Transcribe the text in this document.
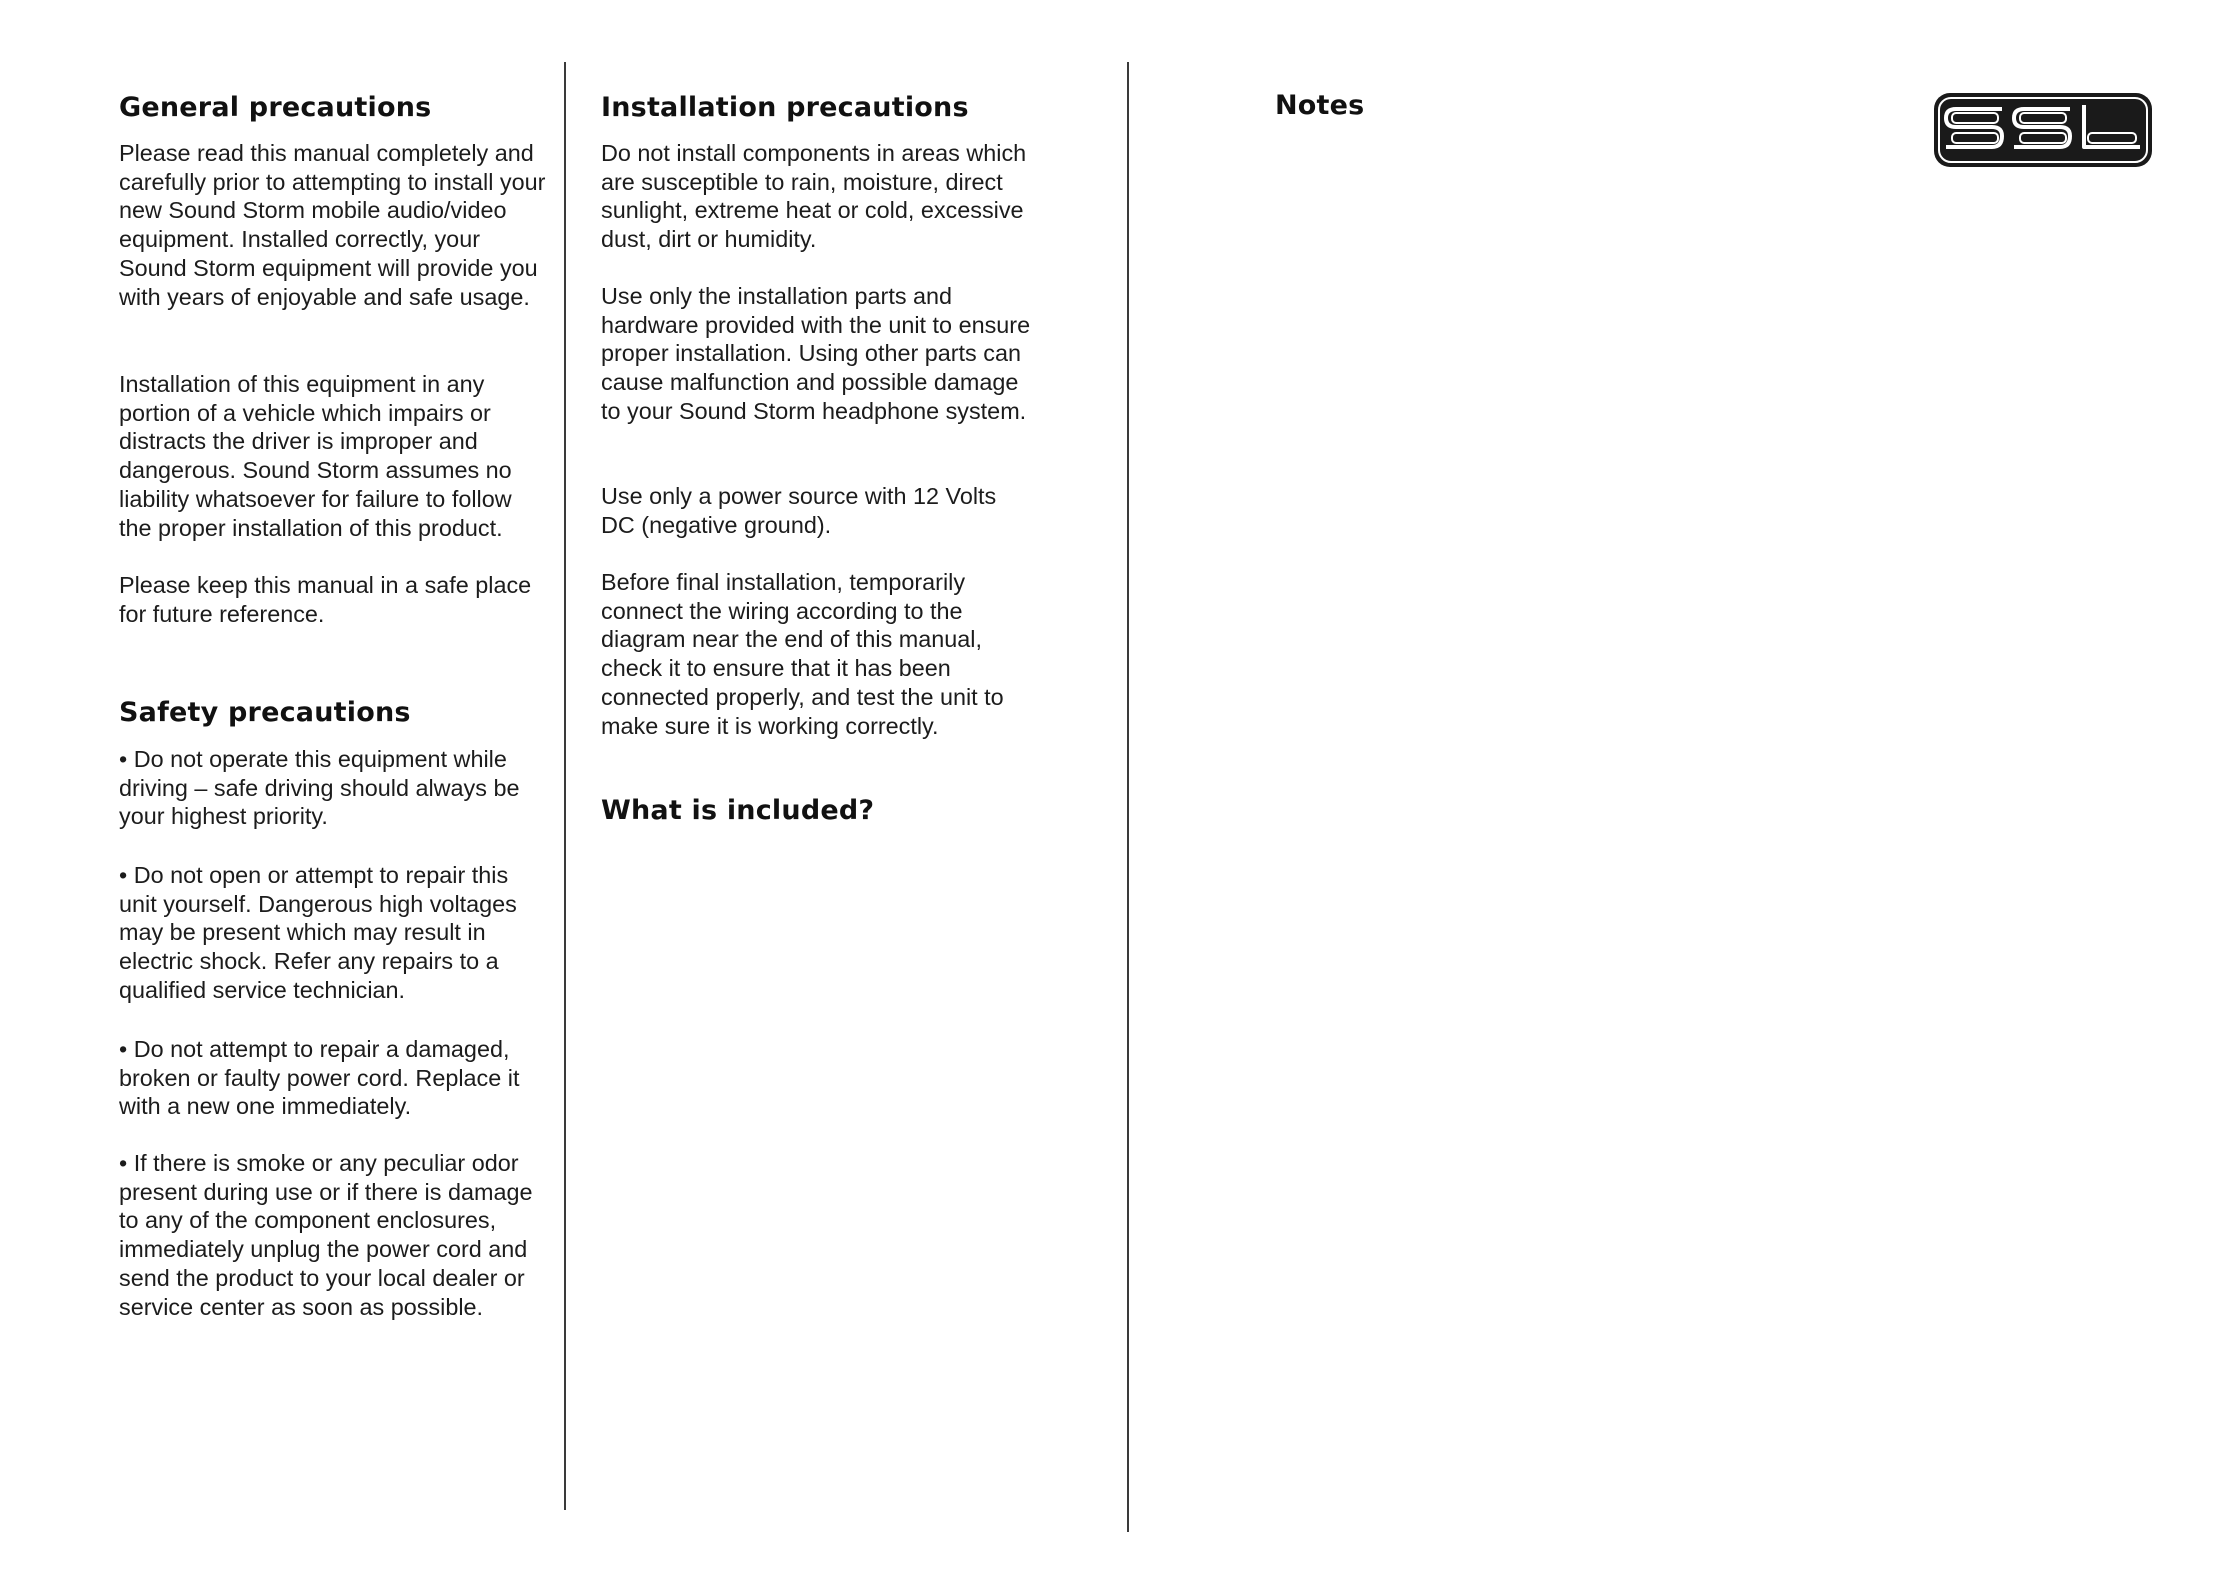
General precautions

Please read this manual completely and carefully prior to attempting to install your new Sound Storm mobile audio/video equipment. Installed correctly, your Sound Storm equipment will provide you with years of enjoyable and safe usage.

Installation of this equipment in any portion of a vehicle which impairs or distracts the driver is improper and dangerous. Sound Storm assumes no liability whatsoever for failure to follow the proper installation of this product.

Please keep this manual in a safe place for future reference.

Safety precautions

• Do not operate this equipment while driving – safe driving should always be your highest priority.

• Do not open or attempt to repair this unit yourself. Dangerous high voltages may be present which may result in electric shock. Refer any repairs to a qualified service technician.

• Do not attempt to repair a damaged, broken or faulty power cord. Replace it with a new one immediately.

• If there is smoke or any peculiar odor present during use or if there is damage to any of the component enclosures, immediately unplug the power cord and send the product to your local dealer or service center as soon as possible.

Installation precautions

Do not install components in areas which are susceptible to rain, moisture, direct sunlight, extreme heat or cold, excessive dust, dirt or humidity.

Use only the installation parts and hardware provided with the unit to ensure proper installation. Using other parts can cause malfunction and possible damage to your Sound Storm headphone system.

Use only a power source with 12 Volts DC (negative ground).

Before final installation, temporarily connect the wiring according to the diagram near the end of this manual, check it to ensure that it has been connected properly, and test the unit to make sure it is working correctly.

What is included?
Notes
